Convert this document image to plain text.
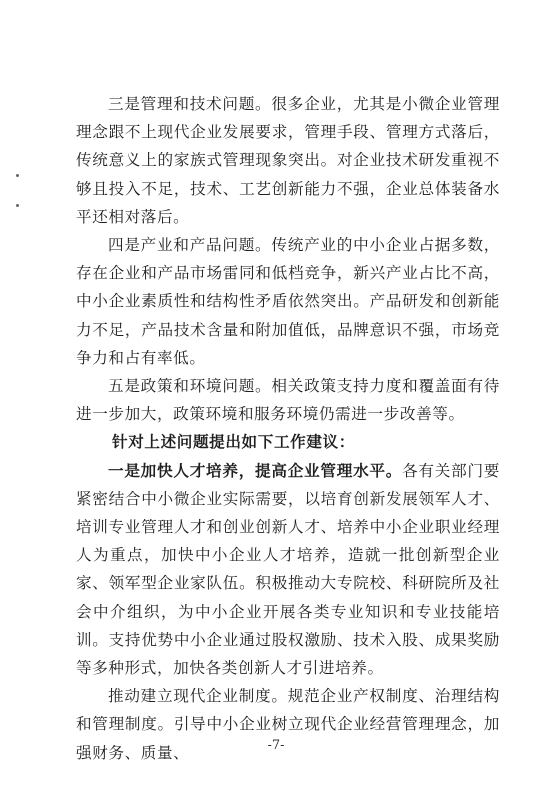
三是管理和技术问题。很多企业，尤其是小微企业管理理念跟不上现代企业发展要求，管理手段、管理方式落后，传统意义上的家族式管理现象突出。对企业技术研发重视不够且投入不足，技术、工艺创新能力不强，企业总体装备水平还相对落后。

四是产业和产品问题。传统产业的中小企业占据多数，存在企业和产品市场雷同和低档竞争，新兴产业占比不高，中小企业素质性和结构性矛盾依然突出。产品研发和创新能力不足，产品技术含量和附加值低，品牌意识不强，市场竞争力和占有率低。

五是政策和环境问题。相关政策支持力度和覆盖面有待进一步加大，政策环境和服务环境仍需进一步改善等。

针对上述问题提出如下工作建议：

一是加快人才培养，提高企业管理水平。各有关部门要紧密结合中小微企业实际需要，以培育创新发展领军人才、培训专业管理人才和创业创新人才、培养中小企业职业经理人为重点，加快中小企业人才培养，造就一批创新型企业家、领军型企业家队伍。积极推动大专院校、科研院所及社会中介组织，为中小企业开展各类专业知识和专业技能培训。支持优势中小企业通过股权激励、技术入股、成果奖励等多种形式，加快各类创新人才引进培养。

推动建立现代企业制度。规范企业产权制度、治理结构和管理制度。引导中小企业树立现代企业经营管理理念，加强财务、质量、	-7-
